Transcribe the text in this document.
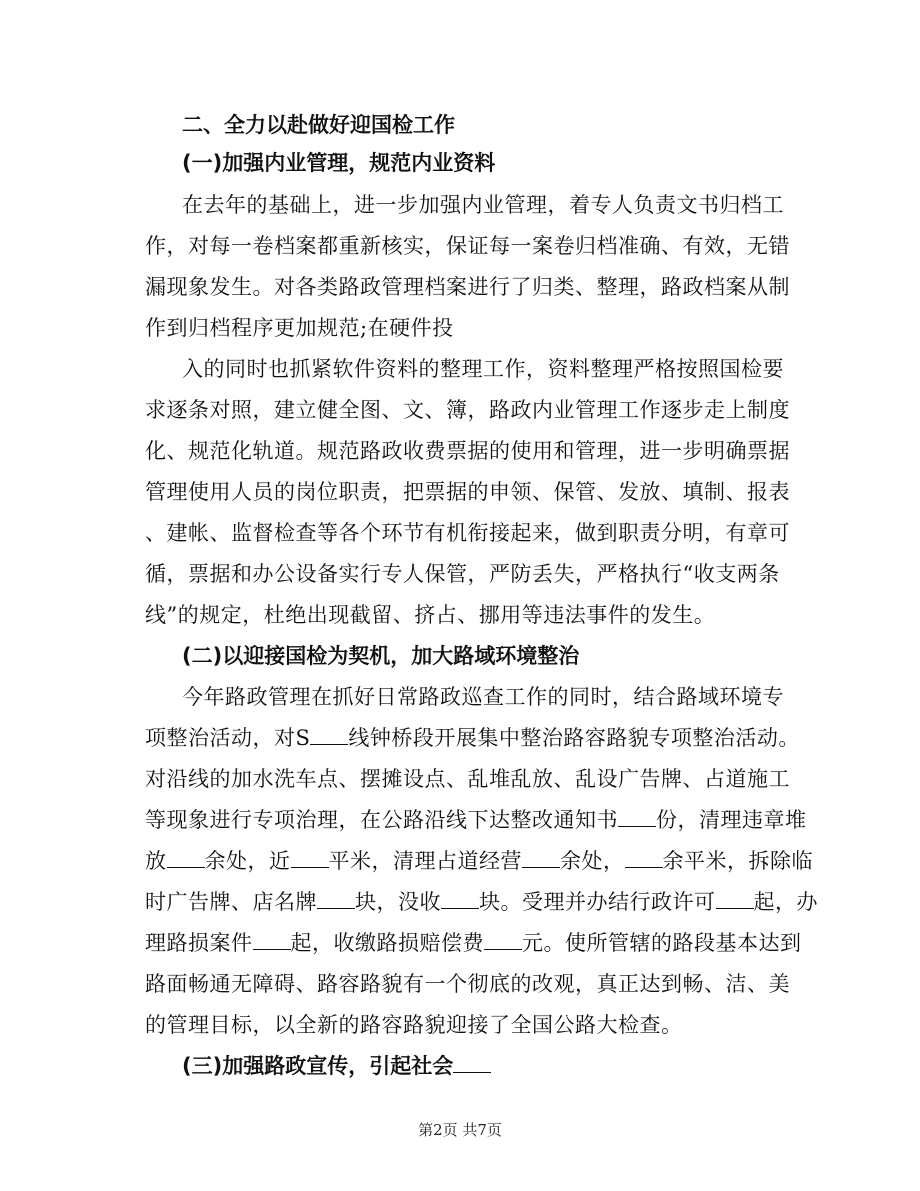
二、全力以赴做好迎国检工作
(一)加强内业管理，规范内业资料
在去年的基础上，进一步加强内业管理，着专人负责文书归档工
作，对每一卷档案都重新核实，保证每一案卷归档准确、有效，无错
漏现象发生。对各类路政管理档案进行了归类、整理，路政档案从制
作到归档程序更加规范;在硬件投
入的同时也抓紧软件资料的整理工作，资料整理严格按照国检要
求逐条对照，建立健全图、文、簿，路政内业管理工作逐步走上制度
化、规范化轨道。规范路政收费票据的使用和管理，进一步明确票据
管理使用人员的岗位职责，把票据的申领、保管、发放、填制、报表
、建帐、监督检查等各个环节有机衔接起来，做到职责分明，有章可
循，票据和办公设备实行专人保管，严防丢失，严格执行“收支两条
线”的规定，杜绝出现截留、挤占、挪用等违法事件的发生。
(二)以迎接国检为契机，加大路域环境整治
今年路政管理在抓好日常路政巡查工作的同时，结合路域环境专
项整治活动，对S 线钟桥段开展集中整治路容路貌专项整治活动。
对沿线的加水洗车点、摆摊设点、乱堆乱放、乱设广告牌、占道施工
等现象进行专项治理，在公路沿线下达整改通知书 份，清理违章堆
放 余处，近 平米，清理占道经营 余处， 余平米，拆除临
时广告牌、店名牌 块，没收 块。受理并办结行政许可 起，办
理路损案件 起，收缴路损赔偿费 元。使所管辖的路段基本达到
路面畅通无障碍、路容路貌有一个彻底的改观，真正达到畅、洁、美
的管理目标，以全新的路容路貌迎接了全国公路大检查。
(三)加强路政宣传，引起社会
第2页 共7页
